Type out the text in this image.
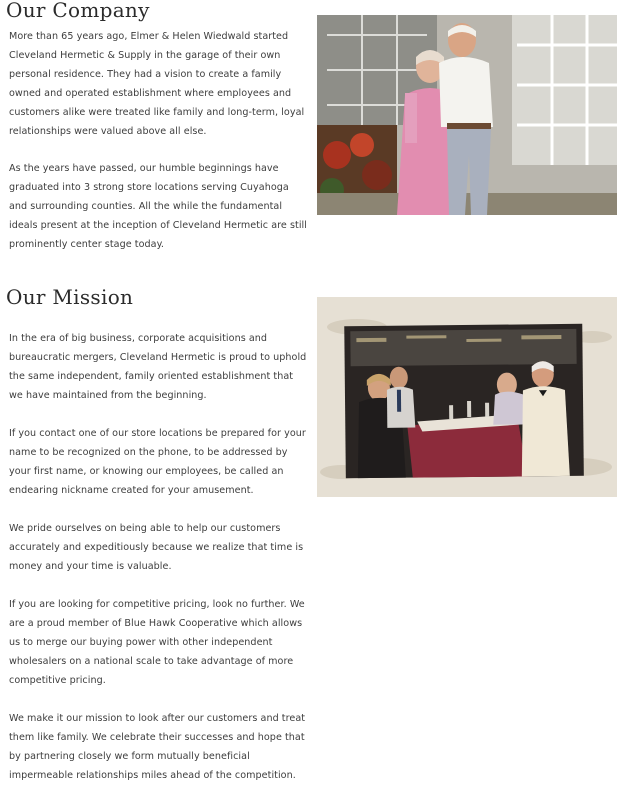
Our Company

More than 65 years ago, Elmer & Helen Wiedwald started Cleveland Hermetic & Supply in the garage of their own personal residence. They had a vision to create a family owned and operated establishment where employees and customers alike were treated like family and long-term, loyal relationships were valued above all else.

As the years have passed, our humble beginnings have graduated into 3 strong store locations serving Cuyahoga and surrounding counties. All the while the fundamental ideals present at the inception of Cleveland Hermetic are still prominently center stage today.

Our Mission

In the era of big business, corporate acquisitions and bureaucratic mergers, Cleveland Hermetic is proud to uphold the same independent, family oriented establishment that we have maintained from the beginning.

If you contact one of our store locations be prepared for your name to be recognized on the phone, to be addressed by your first name, or knowing our employees, be called an endearing nickname created for your amusement.

We pride ourselves on being able to help our customers accurately and expeditiously because we realize that time is money and your time is valuable.

If you are looking for competitive pricing, look no further. We are a proud member of Blue Hawk Cooperative which allows us to merge our buying power with other independent wholesalers on a national scale to take advantage of more competitive pricing.

We make it our mission to look after our customers and treat them like family. We celebrate their successes and hope that by partnering closely we form mutually beneficial impermeable relationships miles ahead of the competition.
